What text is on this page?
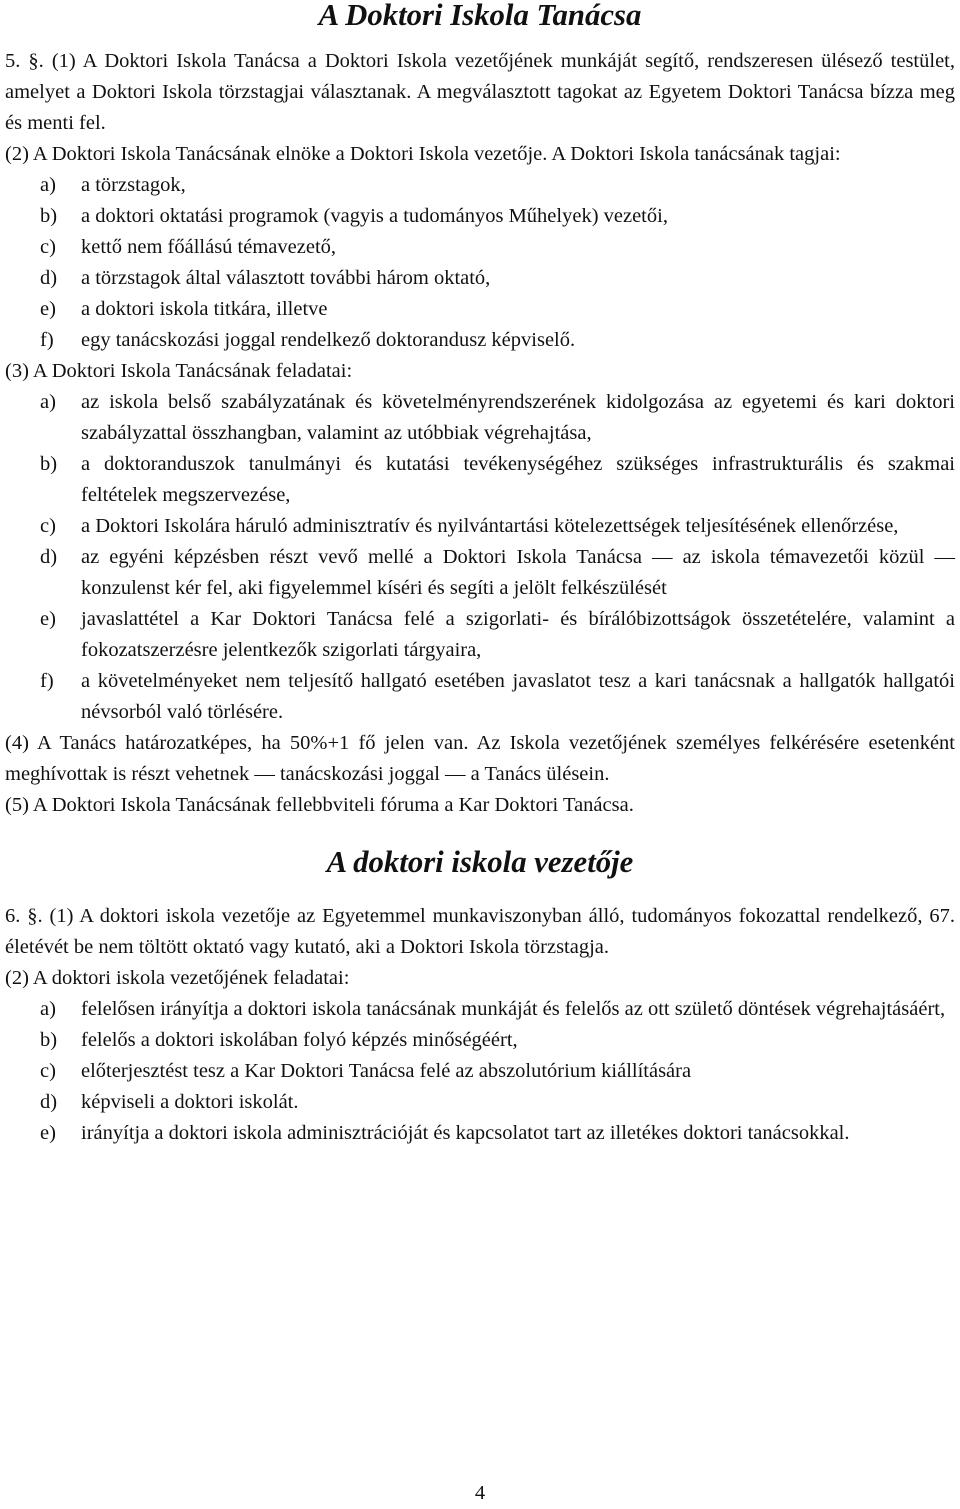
A Doktori Iskola Tanácsa

5. §. (1) A Doktori Iskola Tanácsa a Doktori Iskola vezetőjének munkáját segítő, rendszeresen ülésező testület, amelyet a Doktori Iskola törzstagjai választanak. A megválasztott tagokat az Egyetem Doktori Tanácsa bízza meg és menti fel.

(2) A Doktori Iskola Tanácsának elnöke a Doktori Iskola vezetője. A Doktori Iskola tanácsának tagjai:

a) a törzstagok,
b) a doktori oktatási programok (vagyis a tudományos Műhelyek) vezetői,
c) kettő nem főállású témavezető,
d) a törzstagok által választott további három oktató,
e) a doktori iskola titkára, illetve
f) egy tanácskozási joggal rendelkező doktorandusz képviselő.

(3) A Doktori Iskola Tanácsának feladatai:

a) az iskola belső szabályzatának és követelményrendszerének kidolgozása az egyetemi és kari doktori szabályzattal összhangban, valamint az utóbbiak végrehajtása,
b) a doktoranduszok tanulmányi és kutatási tevékenységéhez szükséges infrastrukturális és szakmai feltételek megszervezése,
c) a Doktori Iskolára háruló adminisztratív és nyilvántartási kötelezettségek teljesítésének ellenőrzése,
d) az egyéni képzésben részt vevő mellé a Doktori Iskola Tanácsa — az iskola témavezetői közül — konzulenst kér fel, aki figyelemmel kíséri és segíti a jelölt felkészülését
e) javaslattétel a Kar Doktori Tanácsa felé a szigorlati- és bírálóbizottságok összetételére, valamint a fokozatszerzésre jelentkezők szigorlati tárgyaira,
f) a követelményeket nem teljesítő hallgató esetében javaslatot tesz a kari tanácsnak a hallgatók hallgatói névsorból való törlésére.

(4) A Tanács határozatképes, ha 50%+1 fő jelen van. Az Iskola vezetőjének személyes felkérésére esetenként meghívottak is részt vehetnek — tanácskozási joggal — a Tanács ülésein.

(5) A Doktori Iskola Tanácsának fellebbviteli fóruma a Kar Doktori Tanácsa.

A doktori iskola vezetője

6. §. (1) A doktori iskola vezetője az Egyetemmel munkaviszonyban álló, tudományos fokozattal rendelkező, 67. életévét be nem töltött oktató vagy kutató, aki a Doktori Iskola törzstagja.

(2) A doktori iskola vezetőjének feladatai:

a) felelősen irányítja a doktori iskola tanácsának munkáját és felelős az ott születő döntések végrehajtásáért,
b) felelős a doktori iskolában folyó képzés minőségéért,
c) előterjesztést tesz a Kar Doktori Tanácsa felé az abszolutórium kiállítására
d) képviseli a doktori iskolát.
e) irányítja a doktori iskola adminisztrációját és kapcsolatot tart az illetékes doktori tanácsokkal.
4
